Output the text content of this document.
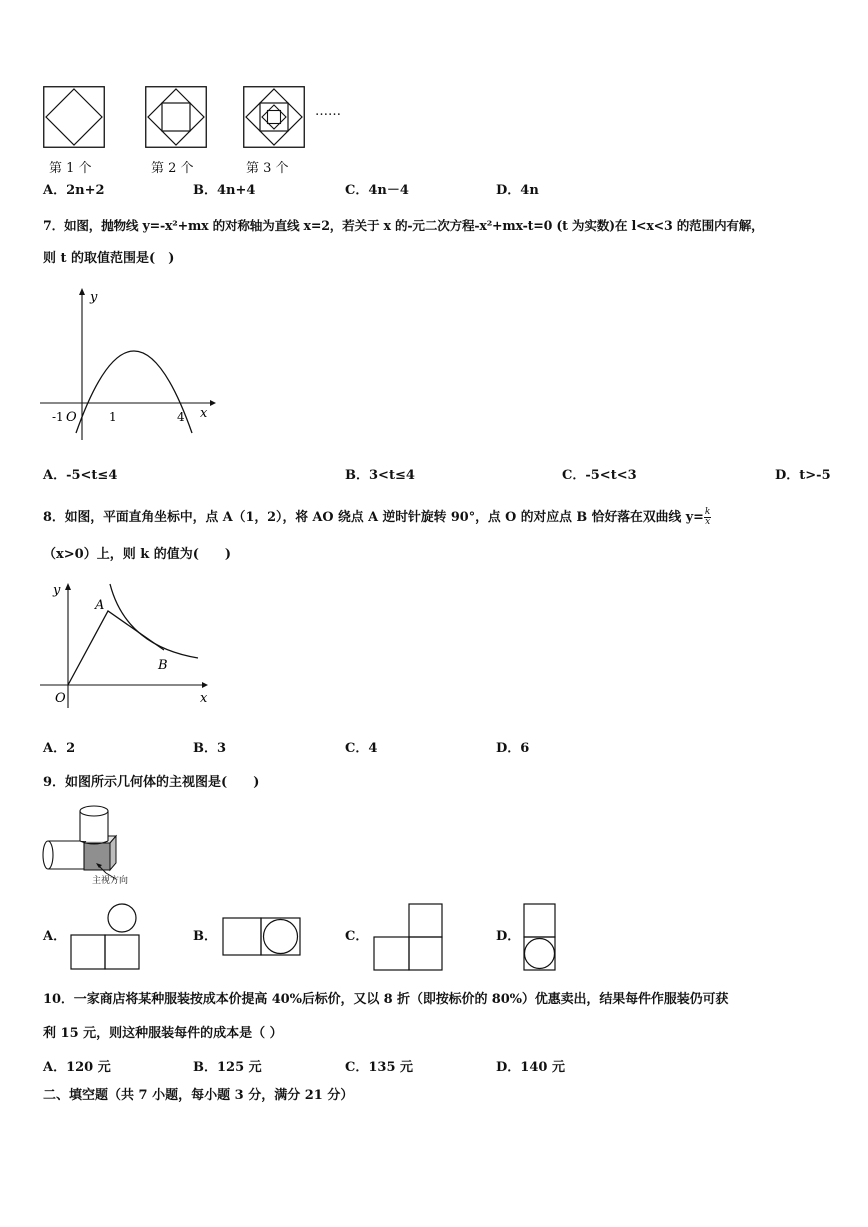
……
第 1 个	第 2 个	第 3 个
A．2n+2	B．4n+4	C．4n－4	D．4n
7．如图，抛物线 y=-x²+mx 的对称轴为直线 x=2，若关于 x 的-元二次方程-x²+mx-t=0 (t 为实数)在 l<x<3 的范围内有解，
则 t 的取值范围是(　)
y
x
-1 O	1	4
A．-5<t≤4	B．3<t≤4	C．-5<t<3	D．t>-5
8．如图，平面直角坐标中，点 A（1，2），将 AO 绕点 A 逆时针旋转 90°，点 O 的对应点 B 恰好落在双曲线 $y= \frac{k}{x}$
（x>0）上，则 k 的值为(　　)
y
x
O
A
B
A．2	B．3	C．4	D．6
9．如图所示几何体的主视图是(　　)
主视方向
A．	B．	C．	D．
10．一家商店将某种服装按成本价提高 40%后标价，又以 8 折（即按标价的 80%）优惠卖出，结果每件作服装仍可获
利 15 元，则这种服装每件的成本是（ ）
A．120 元	B．125 元	C．135 元	D．140 元
二、填空题（共 7 小题，每小题 3 分，满分 21 分）
